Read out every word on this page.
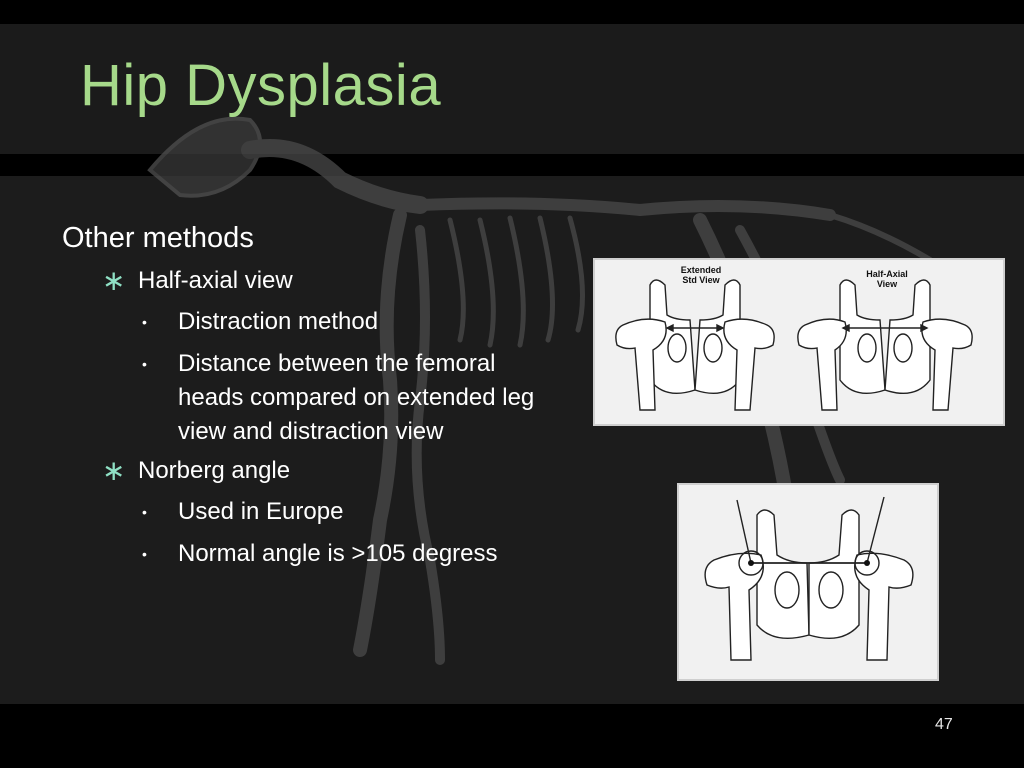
Hip Dysplasia
Other methods
∗ Half-axial view
• Distraction method
• Distance between the femoral heads compared on extended leg view and distraction view
∗ Norberg angle
• Used in Europe
• Normal angle is >105 degress
Extended
Std View
Half-Axial
View
47
